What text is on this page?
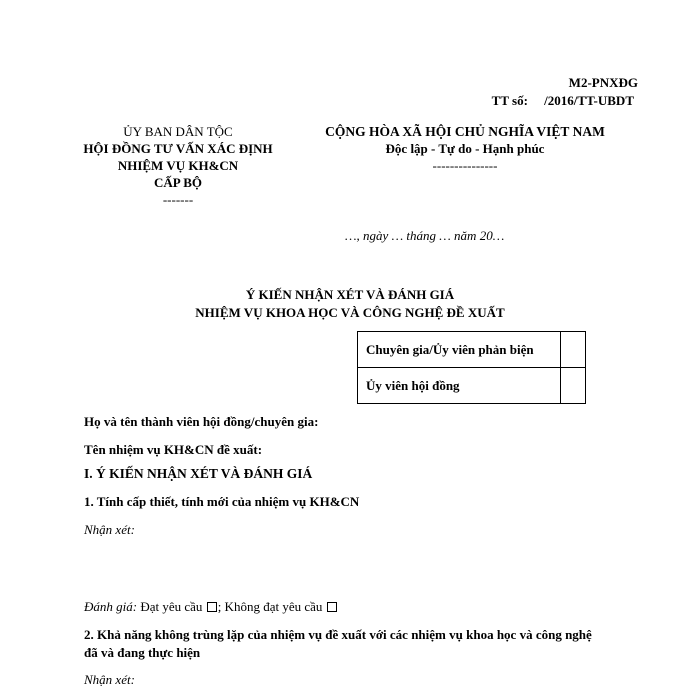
M2-PNXĐG
TT số: /2016/TT-UBDT
ỦY BAN DÂN TỘC
HỘI ĐỒNG TƯ VẤN XÁC ĐỊNH NHIỆM VỤ KH&CN
CẤP BỘ
-------
CỘNG HÒA XÃ HỘI CHỦ NGHĨA VIỆT NAM
Độc lập - Tự do - Hạnh phúc
---------------
…, ngày … tháng … năm 20…
Ý KIẾN NHẬN XÉT VÀ ĐÁNH GIÁ
NHIỆM VỤ KHOA HỌC VÀ CÔNG NGHỆ ĐỀ XUẤT
Chuyên gia/Ủy viên phản biện	
Ủy viên hội đồng	
Họ và tên thành viên hội đồng/chuyên gia:
Tên nhiệm vụ KH&CN đề xuất:
I. Ý KIẾN NHẬN XÉT VÀ ĐÁNH GIÁ
1. Tính cấp thiết, tính mới của nhiệm vụ KH&CN
Nhận xét:
Đánh giá: Đạt yêu cầu ; Không đạt yêu cầu
2. Khả năng không trùng lặp của nhiệm vụ đề xuất với các nhiệm vụ khoa học và công nghệ đã và đang thực hiện
Nhận xét:
